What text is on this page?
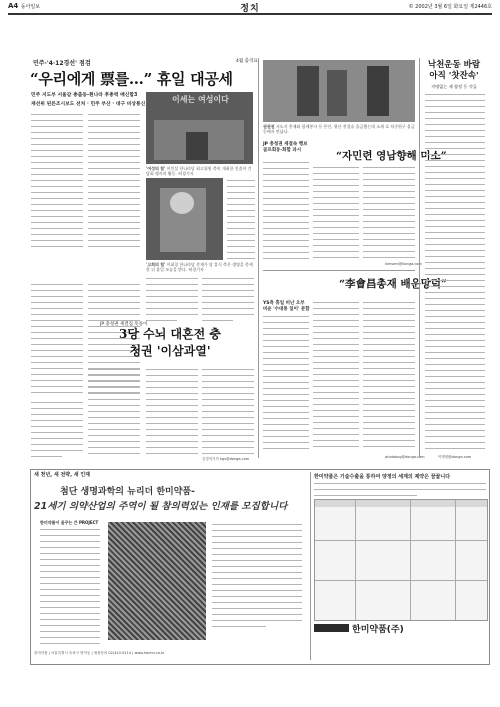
A4 동아일보	정치	© 2002년 3월 6일 화요일 제2446호
민주·'4·12경선' 점검	4월 출격표
“우리에게 票를…” 휴일 대공세
민주 지도부 서울갈 총출동-휜나라 후총력 배신합3
재선위 된른조시보도 선처 · 민주 부산 · 대구 비상통신
이세는 여성이다
'여성의 힘' 이인설 한나라당 최고위원 측이 개최한 진솔이 간담회 행사의 활동. 허경기자
'고희의 힘' 이회창 한나라당 총재가 당 휴식 측은 생명을 총세한 뒤 휴일 모습을 받다. 허경기자
JP 충청권 세결집 뜻돌이
3당 수뇌 대혼전 충청권 '이삼과열'
김경석기자 kgs@donga.com
권권권 지도자 총재와 함께봉자 등 본인, 뒷산 전경술 울금했는데 소재 호 차중원구 울금동에서 만났다.
JP 충청권 세결속 행보
골프회동·화합 과시	“자민련 영남향해 미소”
kimsem@donga.com
“李會昌총재 배운망덕”
YS측 휴일 비난 오부
비운 '수대통 일이' 분함
photoboy@donga.com
낙천운동 바람 아직 '찻잔속'
지명없는 제 합정 동 것들
이명원@donga.com
새 천년, 새 전략, 새 인재
첨단 생명과학의 뉴리더 한미약품-
21세기 의약산업의 주역이 될 참의력있는 인재를 모집합니다
한미약품이 꿈꾸는 큰 PROJECT
한미약품은 기술수출을 통하여 양정의 세계의 제약은 꿈꿉니다
한미약품(주)
한미약품 | 서울특별시 송파구 방이동 | 채용문의 02)410-9114 | www.hanmi.co.kr
